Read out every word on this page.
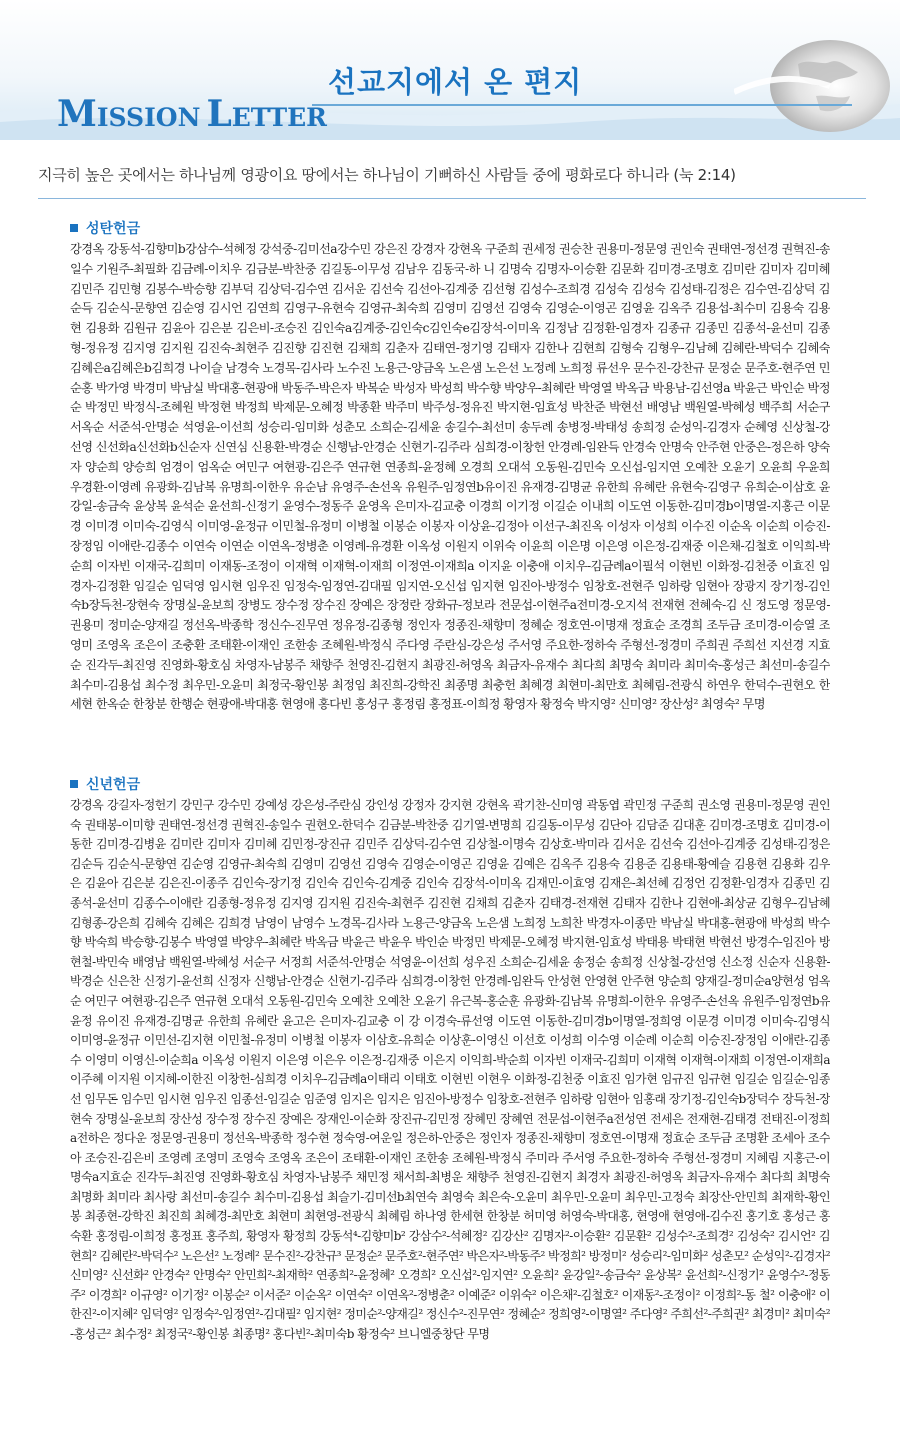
선교지에서 온 편지
MISSION LETTER
지극히 높은 곳에서는 하나님께 영광이요 땅에서는 하나님이 기뻐하신 사람들 중에 평화로다 하니라 (눅 2:14)
성탄헌금
강경옥 강동석-김향미b강삼수-석혜정 강석중-김미선a강수민 강은진 강경자 강현옥 구준희 권세정 권승찬 권용미-정문영 권인숙 권태연-정선경 권혁진-송일수 기원주-최필화 김금례-이치우 김금분-박찬중 김길동-이무성 김남우 김동국-하 니 김명숙 김명자-이승환 김문화 김미경-조명호 김미란 김미자 김미혜 김민주 김민형 김봉수-박승향 김부덕 김상덕-김수연 김서운 김선숙 김선아-김계중 김선형 김성수-조희경 김성숙 김성숙 김성태-김정은 김수연-김상덕 김순득 김순식-문향연 김순영 김시언 김연희 김영구-유현숙 김영규-최숙희 김영미 김영선 김영숙 김영순-이영곤 김영윤 김옥주 김용섭-최수미 김용숙 김용현 김용화 김원규 김윤아 김은분 김은비-조승진 김인숙a김계중-김인숙c김인숙e김장석-이미옥 김정남 김정환-임경자 김종규 김종민 김종석-윤선미 김종형-정유정 김지영 김지원 김진숙-최현주 김진향 김진현 김채희 김춘자 김태연-정기영 김태자 김한나 김현희 김형숙 김형우-김남혜 김혜란-박덕수 김혜숙 김혜은a김혜은b김희경 나이슬 남경숙 노경목-김사라 노수진 노용근-양금옥 노은샘 노은선 노정례 노희정 류선우 문수진-강찬규 문정순 문주호-현주연 민순홍 박가영 박경미 박남실 박대홍-현광애 박동주-박은자 박복순 박성자 박성희 박수향 박양우-최혜란 박영열 박옥금 박용남-김선영a 박윤근 박인순 박정순 박정민 박정식-조혜원 박정현 박정희 박제문-오혜정 박종환 박주미 박주성-정유진 박지현-임효성 박찬준 박현선 배영남 백원열-박혜성 백주희 서순구 서옥순 서준석-안명순 석영윤-이선희 성승리-임미화 성춘모 소희순-김세윤 송길수-최선미 송두례 송병정-박태성 송희정 순성익-김경자 순혜영 신상철-강선영 신선화a신선화b신순자 신연심 신용환-박경순 신행남-안경순 신현기-김주라 심희경-이창헌 안경례-임완득 안경숙 안명숙 안주현 안중은-정은하 양숙자 양순희 양승희 엄경이 엄옥순 여민구 여현광-김은주 연규현 연종희-윤정혜 오경희 오대석 오동원-김민숙 오신섭-임지연 오예찬 오윤기 오윤희 우윤희 우경환-이영례 유광화-김남복 유명희-이한우 유순남 유영주-손선옥 유원주-임정연b유이진 유재경-김명균 유한희 유혜란 유현숙-김영구 유희순-이삼호 윤강일-송금숙 윤상복 윤석순 윤선희-신정기 윤영수-정동주 윤영옥 은미자-김교충 이경희 이기정 이길순 이내희 이도연 이동한-김미경b이명열-지홍근 이문경 이미경 이미숙-김영식 이미영-윤정규 이민철-유정미 이병철 이봉순 이봉자 이상윤-김정아 이선구-최진옥 이성자 이성희 이수진 이순옥 이순희 이승진-장정임 이애란-김종수 이연숙 이연순 이연옥-정병춘 이영례-유경환 이옥성 이원지 이위숙 이윤희 이은명 이은영 이은정-김재중 이은채-김철호 이익희-박순희 이자빈 이재국-김희미 이재동-조정이 이재혁 이재혁-이재희 이정연-이재희a 이지윤 이충애 이치우-김금례a이필석 이현빈 이화정-김천중 이효진 임경자-김정환 임길순 임덕영 임시현 임우진 임정숙-임정연-김대필 임지연-오신섭 임지현 임진아-방정수 임창호-전현주 임하랑 임현아 장광지 장기정-김인숙b장득천-장현숙 장명실-윤보희 장병도 장수정 장수진 장예은 장정란 장화규-정보라 전문섭-이현주a전미경-오지석 전재현 전혜숙-김 신 정도영 정문영-권용미 정미순-양재길 정선옥-박종학 정신수-진무연 정유정-김종형 정인자 정종진-채향미 정혜순 정호연-이명재 정효순 조경희 조두금 조미경-이승열 조영미 조영옥 조은이 조충환 조태환-이재인 조한송 조혜원-박정식 주다영 주란심-강은성 주서영 주요한-정하숙 주형선-정경미 주희권 주희선 지선경 지효순 진각두-최진영 진영화-황호심 차영자-남봉주 채향주 천영진-김현지 최광진-허영옥 최금자-유재수 최다희 최명숙 최미라 최미숙-홍성근 최선미-송길수 최수미-김용섭 최수정 최우민-오윤미 최정국-황인봉 최정임 최진희-강학진 최종명 최충헌 최혜경 최현미-최만호 최혜림-전광식 하연우 한덕수-권현오 한세현 한옥순 한창분 한행순 현광애-박대홍 현영애 홍다빈 홍성구 홍정림 홍정표-이희정 황영자 황정숙 박지영² 신미영² 장산성² 최영숙² 무명
신년헌금
강경옥 강길자-정헌기 강민구 강수민 강예성 강은성-주란심 강인성 강정자 강지현 강현옥 곽기찬-신미영 곽동엽 곽민정 구준희 권소영 권용미-정문영 권인숙 권태봉-이미향 권태연-정선경 권혁진-송일수 권현오-한덕수 김금분-박찬중 김기열-변명희 김길동-이무성 김단아 김담준 김대훈 김미경-조명호 김미경-이동한 김미경-김병윤 김미란 김미자 김미혜 김민정-장진규 김민주 김상덕-김수연 김상철-이명숙 김상호-박미라 김서운 김선숙 김선아-김계중 김성태-김정은 김순득 김순식-문향연 김순영 김영규-최숙희 김영미 김영선 김영숙 김영순-이영곤 김영윤 김예은 김옥주 김용숙 김용준 김용태-황예슬 김용현 김용화 김우은 김윤아 김은분 김은진-이종주 김인숙-장기정 김인숙 김인숙-김계중 김인숙 김장석-이미옥 김재민-이효영 김재은-최선혜 김정언 김정환-임경자 김종민 김종석-윤선미 김종수-이애란 김종형-정유정 김지영 김지원 김진숙-최현주 김진현 김채희 김춘자 김태경-전재현 김태자 김한나 김현애-최상균 김형우-김남혜 김형종-강은희 김혜숙 김혜은 김희경 남영이 남영수 노경목-김사라 노용근-양금옥 노은샘 노희정 노희찬 박경자-이종만 박남실 박대홍-현광애 박성희 박수향 박숙희 박승향-김봉수 박영열 박양우-최혜란 박옥금 박윤근 박윤우 박인순 박정민 박제문-오혜정 박지현-임효성 박태용 박태현 박현선 방경수-임진아 방현철-박민숙 배영남 백원열-박혜성 서순구 서정희 서준석-안명순 석영윤-이선희 성우진 소희순-김세윤 송정순 송희정 신상철-강선영 신소정 신순자 신용환-박경순 신은찬 신정기-윤선희 신정자 신행남-안경순 신현기-김주라 심희경-이창헌 안경례-임완득 안성현 안영현 안주현 양순희 양재길-정미순a양현성 엄옥순 여민구 여현광-김은주 연규현 오대석 오동원-김민숙 오예찬 오예찬 오윤기 유근복-홍순훈 유광화-김남복 유명희-이한우 유영주-손선옥 유원주-임정연b유윤정 유이진 유재경-김명균 유한희 유혜란 윤고은 은미자-김교충 이 강 이경숙-류선영 이도연 이동한-김미경b이명열-정희영 이문경 이미경 이미숙-김영식 이미영-윤정규 이민선-김지현 이민철-유정미 이병철 이봉자 이삼호-유희순 이상훈-이영신 이선호 이성희 이수영 이순례 이순희 이승진-장정임 이애란-김종수 이영미 이영신-이순희a 이옥성 이원지 이은영 이은우 이은정-김재중 이은지 이익희-박순희 이자빈 이재국-김희미 이재혁 이재혁-이재희 이정연-이재희a이주혜 이지원 이지혜-이한진 이창헌-심희경 이치우-김금례a이태리 이태호 이현빈 이현우 이화정-김천중 이효진 임가현 임규진 임규현 임길순 임길순-임종선 임무돈 임수민 임시현 임우진 임종선-임길순 임준영 임지은 임지은 임진아-방정수 임창호-전현주 임하랑 임현아 임홍래 장기정-김인숙b장덕수 장득천-장현숙 장명실-윤보희 장산성 장수정 장수진 장예은 장재인-이순화 장진규-김민정 장혜민 장혜연 전문섭-이현주a전성연 전세은 전재현-김태경 전태진-이정희a전하은 정다운 정문영-권용미 정선옥-박종학 정수현 정숙영-여운일 정은하-안중은 정인자 정종진-채향미 정호연-이명재 정효순 조두금 조명환 조세아 조수아 조승진-김은비 조영례 조영미 조영숙 조영옥 조은이 조태환-이재인 조한송 조혜원-박정식 주미라 주서영 주요한-정하숙 주형선-정경미 지혜림 지홍근-이명숙a지효순 진각두-최진영 진영화-황호심 차영자-남봉주 채민정 채서희-최병운 채향주 천영진-김현지 최경자 최광진-허영옥 최금자-유재수 최다희 최명숙 최명화 최미라 최사랑 최선미-송길수 최수미-김용섭 최슬기-김미선b최연숙 최영숙 최은숙-오윤미 최우민-오윤미 최우민-고정숙 최장산-안민희 최재학-황인봉 최종현-강학진 최진희 최혜경-최만호 최현미 최현영-전광식 최혜림 하나영 한세현 한창분 허미영 허영숙-박대홍, 현영애 현영애-김수진 홍기호 홍성근 홍숙환 홍정림-이희정 홍정표 홍주희, 황영자 황정희 강동석⁴-김향미b² 강삼수²-석혜정² 김강산² 김명자²-이승환² 김문환² 김성수²-조희경² 김성숙² 김시언² 김현희² 김혜란²-박덕수² 노은선² 노정례² 문수진²-강찬규³ 문정순² 문주호²-현주연² 박은자²-박동주² 박정희² 방정미² 성승리²-임미화² 성춘모² 순성익²-김경자² 신미영² 신선화² 안경숙² 안명숙² 안민희²-최재학² 연종희²-윤정혜² 오경희² 오신섭²-임지연² 오윤희² 윤강일²-송금숙² 윤상복² 윤선희²-신정기² 윤영수²-정동주² 이경희² 이규영² 이기정² 이봉순² 이서준² 이순옥² 이연숙² 이연옥²-정병춘² 이예준² 이위숙² 이은채²-김철호² 이재동²-조정이² 이정희²-동 철² 이충애² 이한진²-이지혜² 임덕영² 임정숙²-임정연²-김대필² 임지현² 정미순²-양재길² 정신수²-진무연² 정혜순² 정희영²-이명열² 주다영² 주희선²-주희권² 최경미² 최미숙²-홍성근² 최수정² 최정국²-황인봉 최종명² 홍다빈²-최미숙b 황정숙² 브니엘중창단 무명
